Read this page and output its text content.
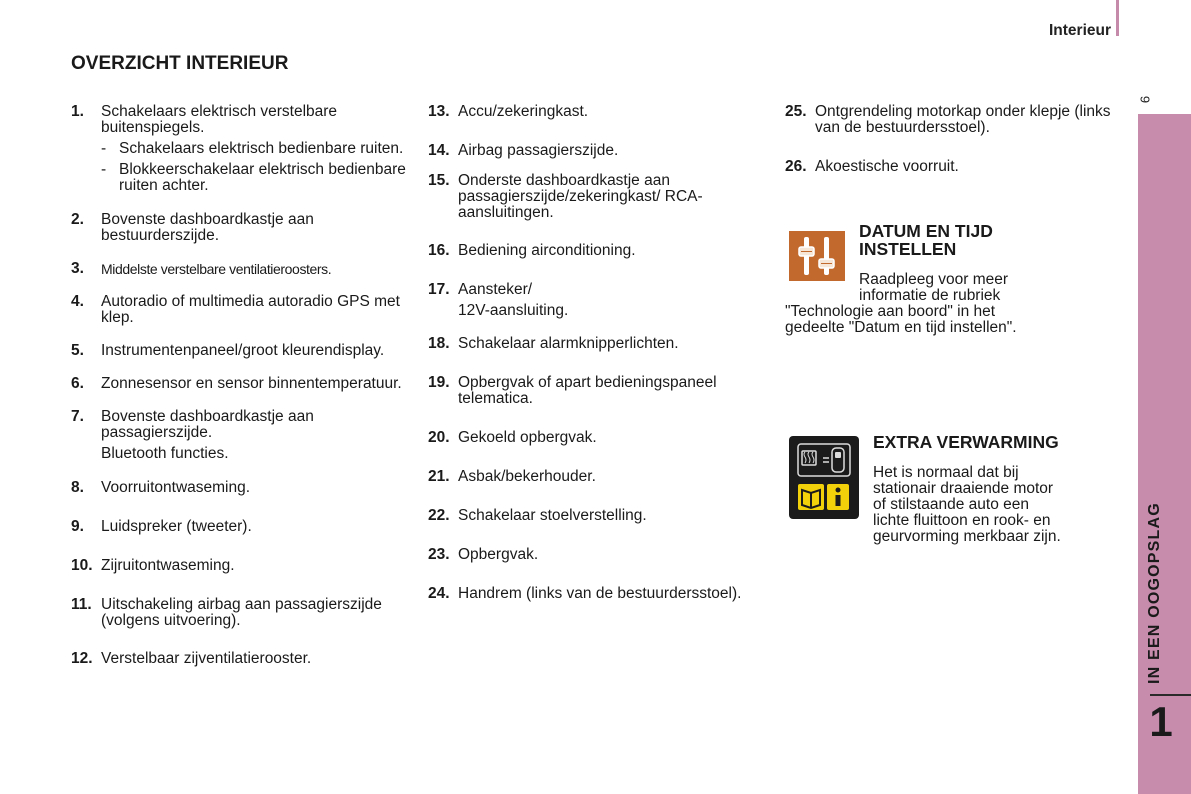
Interieur
9
IN EEN OOGOPSLAG
1
OVERZICHT INTERIEUR
1. Schakelaars elektrisch verstelbare buitenspiegels.
- Schakelaars elektrisch bedienbare ruiten.
- Blokkeerschakelaar elektrisch bedienbare ruiten achter.
2. Bovenste dashboardkastje aan bestuurderszijde.
3. Middelste verstelbare ventilatieroosters.
4. Autoradio of multimedia autoradio GPS met klep.
5. Instrumentenpaneel/groot kleurendisplay.
6. Zonnesensor en sensor binnentemperatuur.
7. Bovenste dashboardkastje aan passagierszijde.
Bluetooth functies.
8. Voorruitontwaseming.
9. Luidspreker (tweeter).
10. Zijruitontwaseming.
11. Uitschakeling airbag aan passagierszijde (volgens uitvoering).
12. Verstelbaar zijventilatierooster.
13. Accu/zekeringkast.
14. Airbag passagierszijde.
15. Onderste dashboardkastje aan passagierszijde/zekeringkast/ RCA-aansluitingen.
16. Bediening airconditioning.
17. Aansteker/
12V-aansluiting.
18. Schakelaar alarmknipperlichten.
19. Opbergvak of apart bedieningspaneel telematica.
20. Gekoeld opbergvak.
21. Asbak/bekerhouder.
22. Schakelaar stoelverstelling.
23. Opbergvak.
24. Handrem (links van de bestuurdersstoel).
25. Ontgrendeling motorkap onder klepje (links van de bestuurdersstoel).
26. Akoestische voorruit.
DATUM EN TIJD
INSTELLEN
Raadpleeg voor meer
informatie de rubriek
"Technologie aan boord" in het
gedeelte "Datum en tijd instellen".
EXTRA VERWARMING
Het is normaal dat bij
stationair draaiende motor
of stilstaande auto een
lichte fluittoon en rook- en
geurvorming merkbaar zijn.
